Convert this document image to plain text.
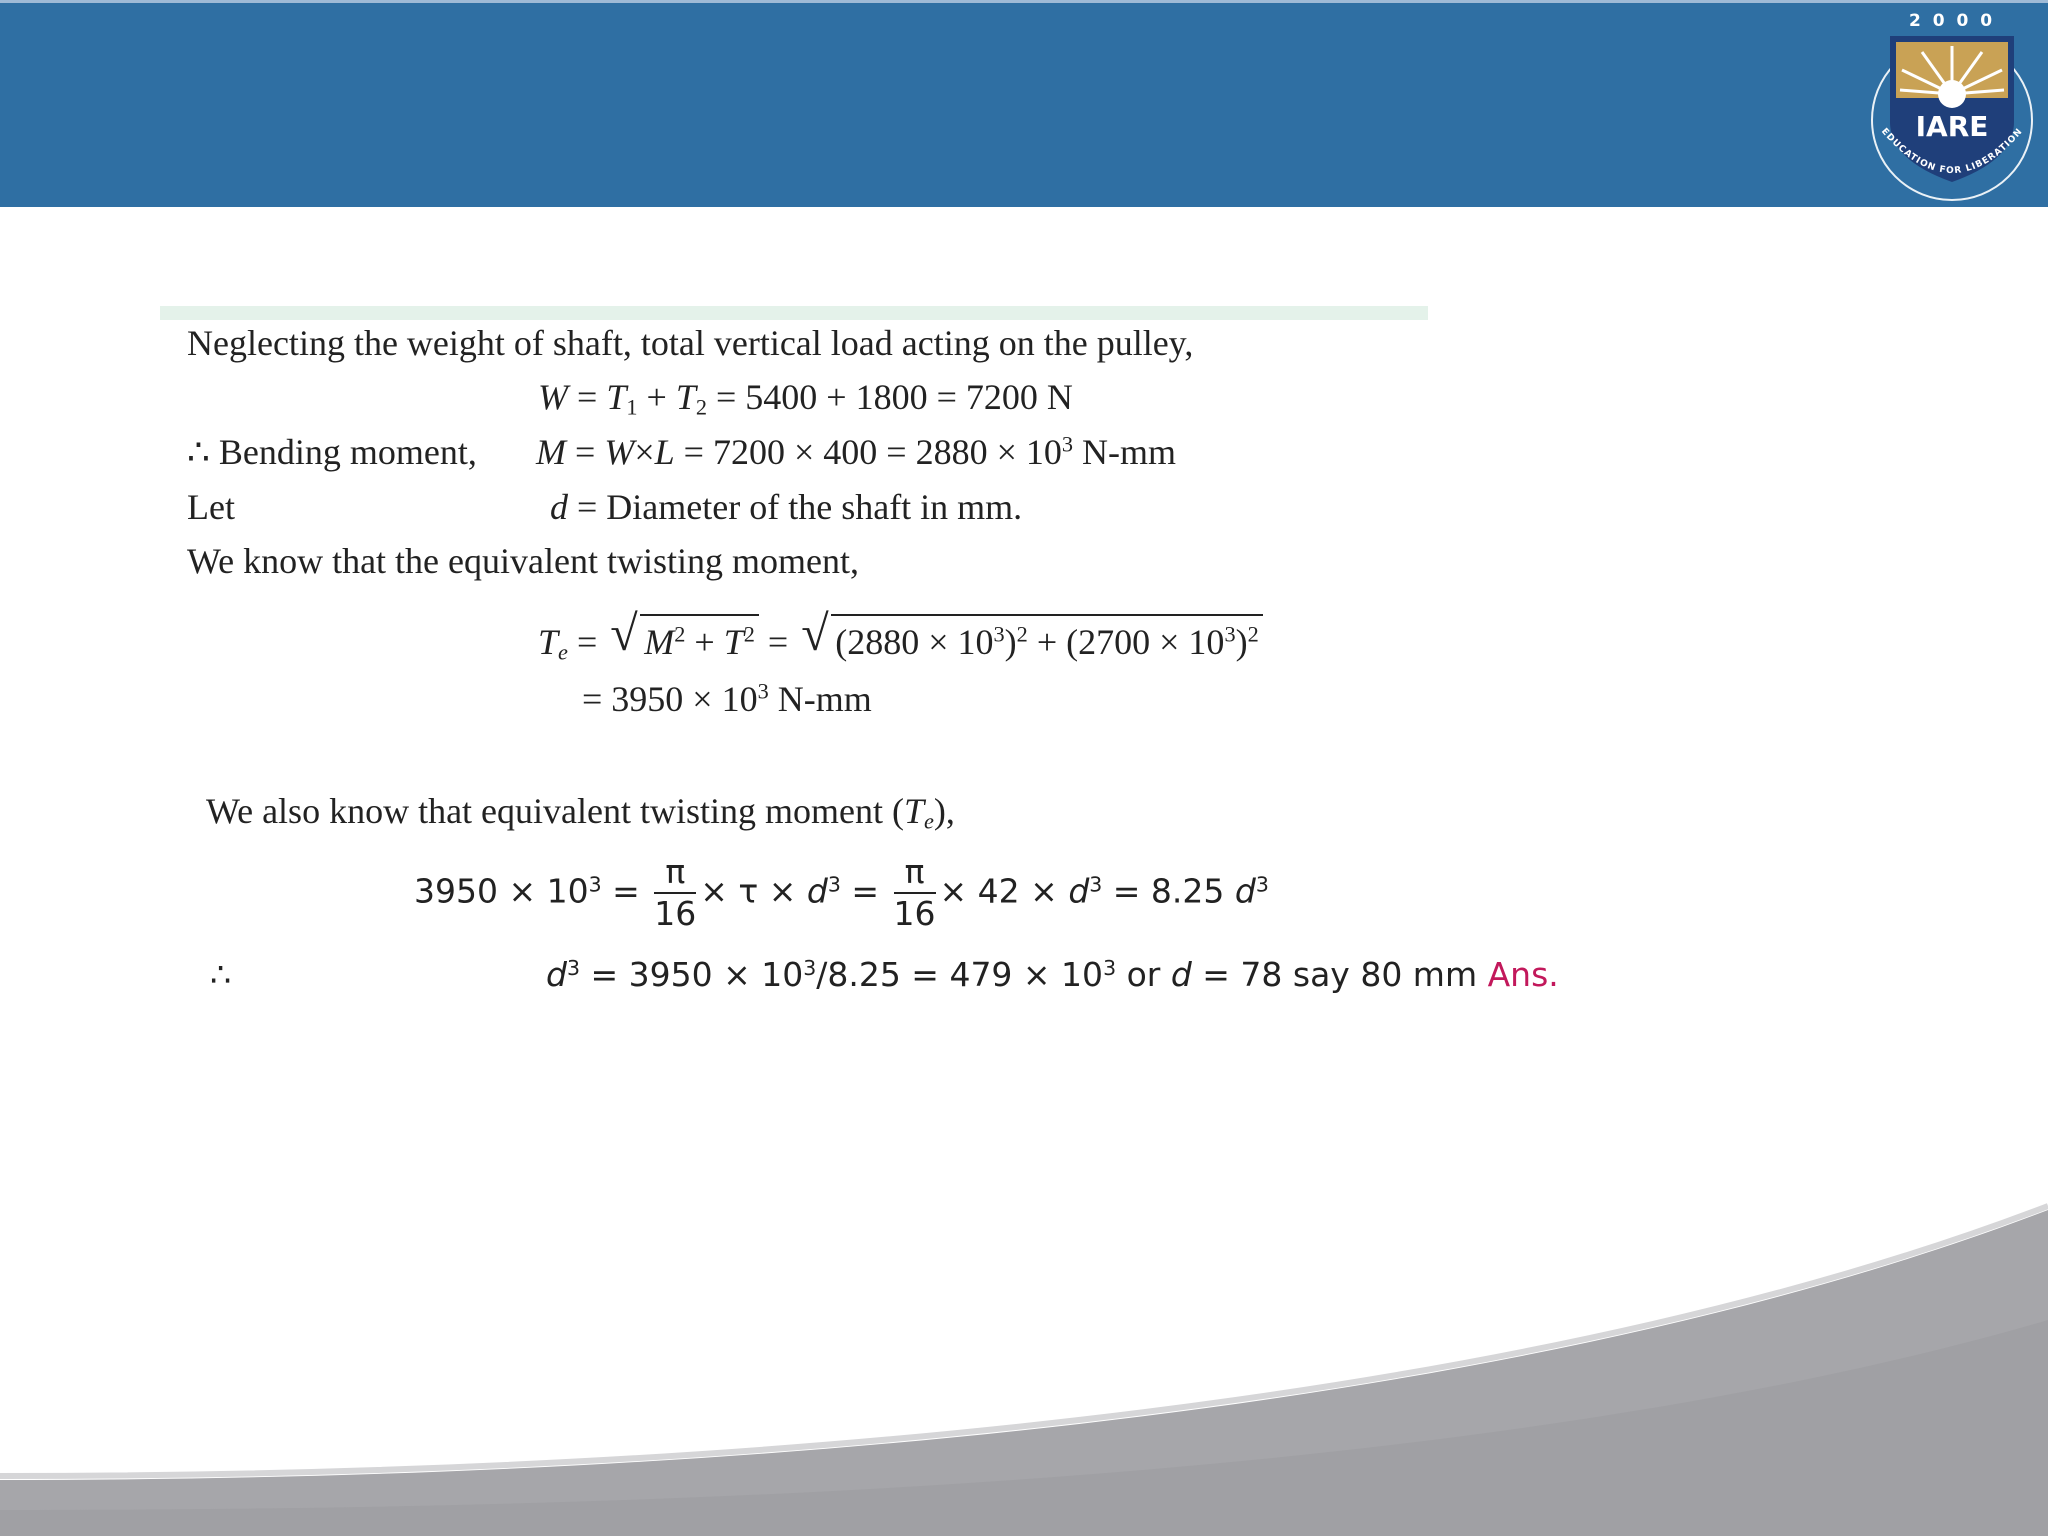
2 0 0 0
IARE
EDUCATION FOR LIBERATION
Neglecting the weight of shaft, total vertical load acting on the pulley,
$W = T_1 + T_2 = 5400 + 1800 = 7200$ N
∴ Bending moment, $M = W\times L = 7200 \times 400 = 2880 \times 10^3$ N-mm
Let	d = Diameter of the shaft in mm.
We know that the equivalent twisting moment,
$T_e$ = √ $M^2 + T^2$ = √ $(2880 \times 10^3)^2 + (2700 \times 10^3)^2$
= $3950 \times 10^3$ N-mm
We also know that equivalent twisting moment $(T_e)$,
$3950 \times 10^3 = \frac{\pi}{16} \times \tau \times d^3 = \frac{\pi}{16} \times 42 \times d^3 = 8.25$ $d^3$
∴	$d^3 = 3950 \times 10^3/8.25 = 479 \times 10^3$ or d = 78 say 80 mm Ans.
